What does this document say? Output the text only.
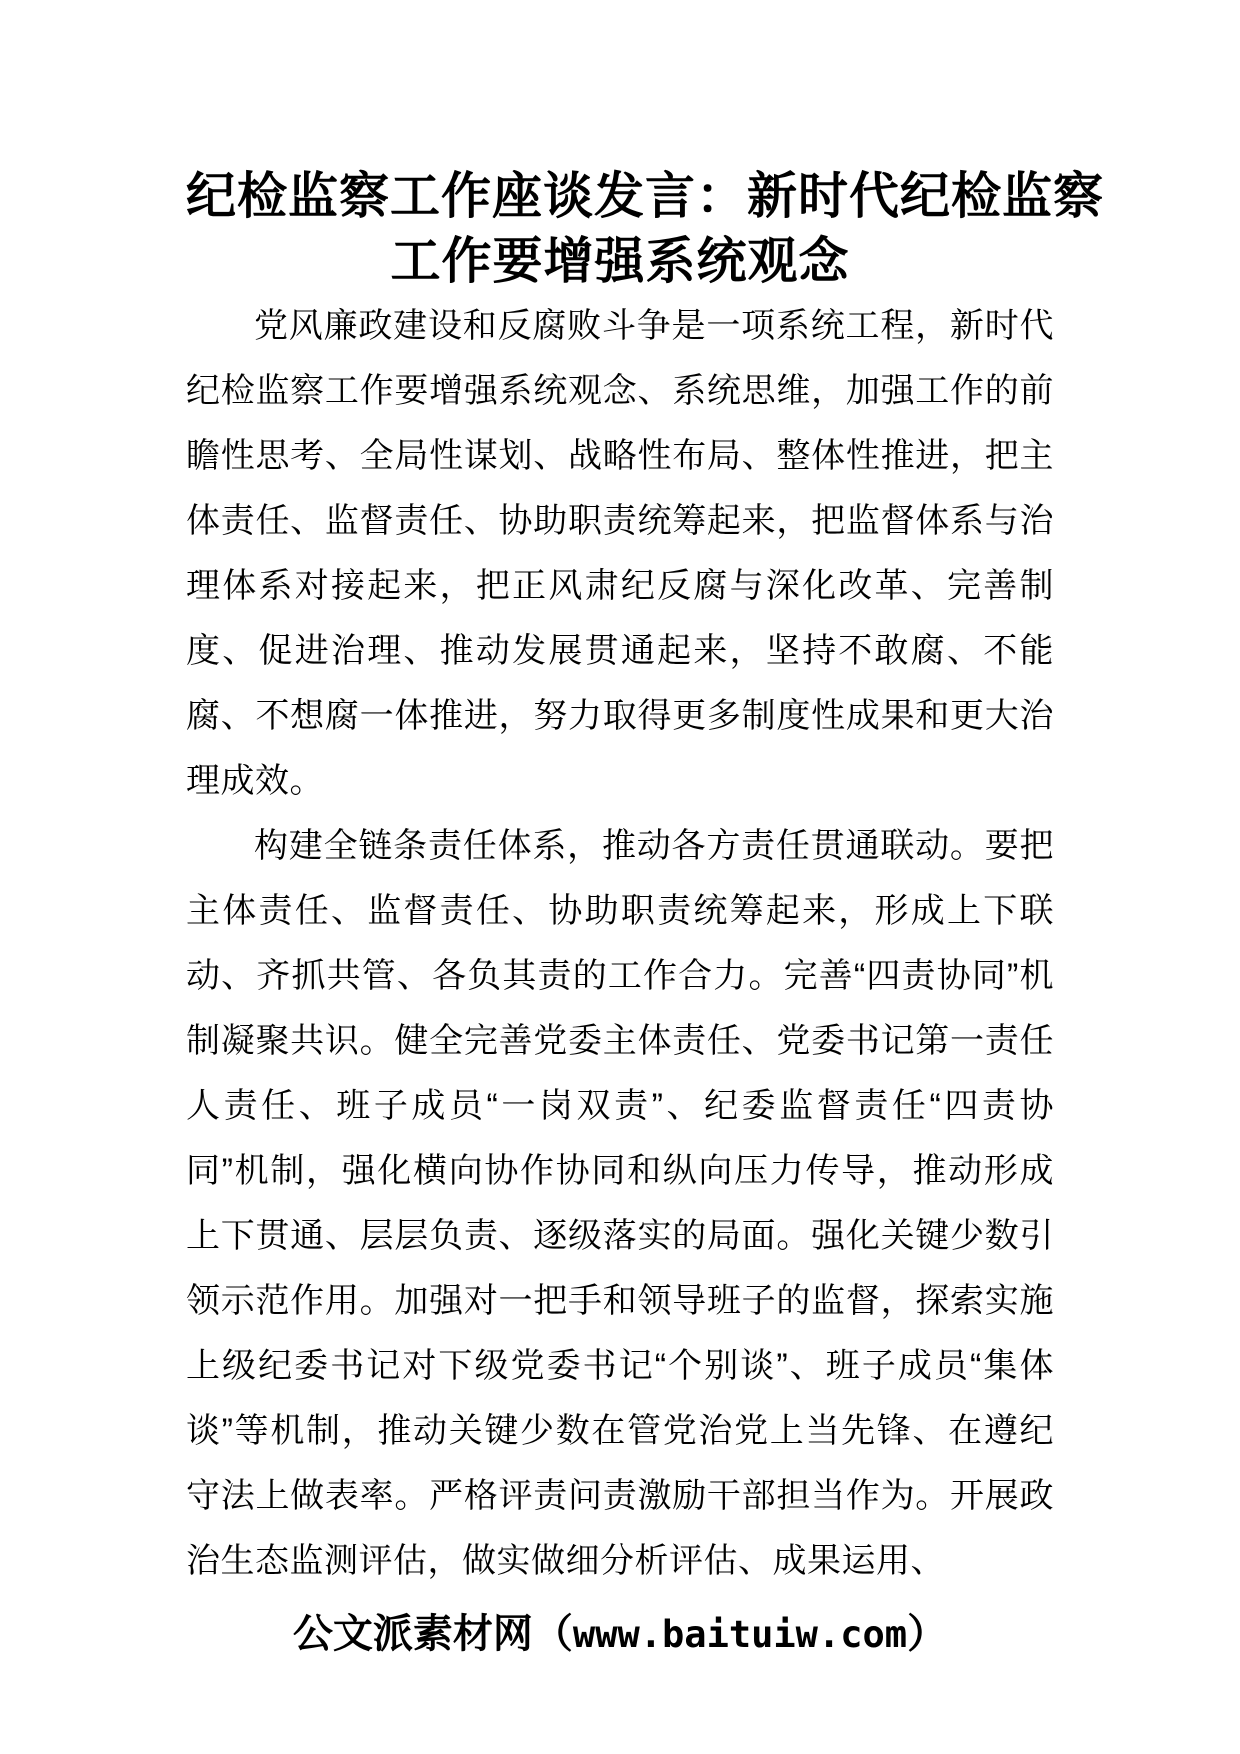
纪检监察工作座谈发言：新时代纪检监察
工作要增强系统观念

党风廉政建设和反腐败斗争是一项系统工程，新时代纪检监察工作要增强系统观念、系统思维，加强工作的前瞻性思考、全局性谋划、战略性布局、整体性推进，把主体责任、监督责任、协助职责统筹起来，把监督体系与治理体系对接起来，把正风肃纪反腐与深化改革、完善制度、促进治理、推动发展贯通起来，坚持不敢腐、不能腐、不想腐一体推进，努力取得更多制度性成果和更大治理成效。

构建全链条责任体系，推动各方责任贯通联动。要把主体责任、监督责任、协助职责统筹起来，形成上下联动、齐抓共管、各负其责的工作合力。完善“四责协同”机制凝聚共识。健全完善党委主体责任、党委书记第一责任人责任、班子成员“一岗双责”、纪委监督责任“四责协同”机制，强化横向协作协同和纵向压力传导，推动形成上下贯通、层层负责、逐级落实的局面。强化关键少数引领示范作用。加强对一把手和领导班子的监督，探索实施上级纪委书记对下级党委书记“个别谈”、班子成员“集体谈”等机制，推动关键少数在管党治党上当先锋、在遵纪守法上做表率。严格评责问责激励干部担当作为。开展政治生态监测评估，做实做细分析评估、成果运用、

公文派素材网（www.baituiw.com）
